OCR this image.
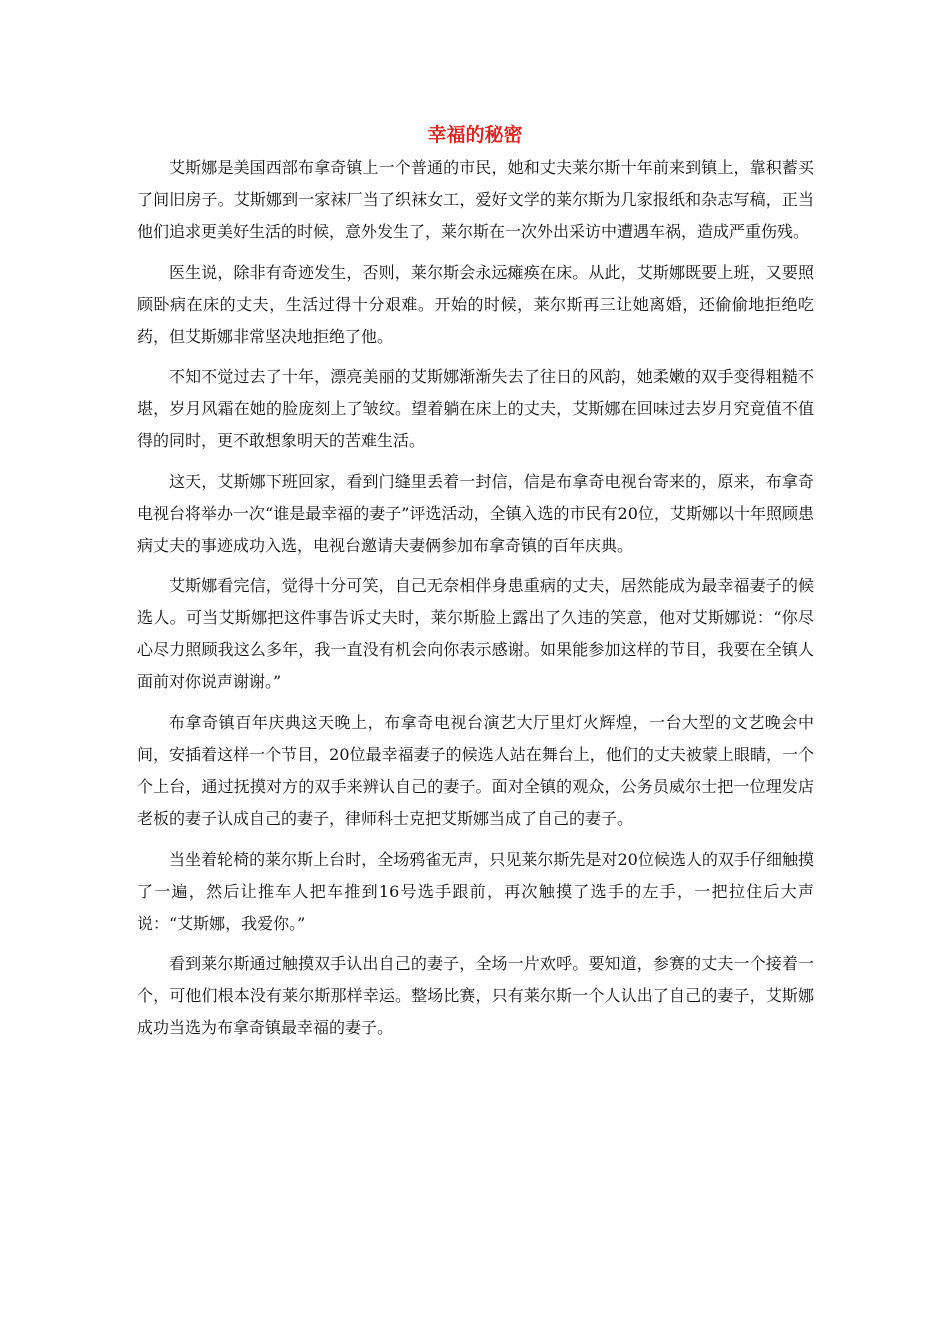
幸福的秘密

艾斯娜是美国西部布拿奇镇上一个普通的市民，她和丈夫莱尔斯十年前来到镇上，靠积蓄买了间旧房子。艾斯娜到一家袜厂当了织袜女工，爱好文学的莱尔斯为几家报纸和杂志写稿，正当他们追求更美好生活的时候，意外发生了，莱尔斯在一次外出采访中遭遇车祸，造成严重伤残。

医生说，除非有奇迹发生，否则，莱尔斯会永远瘫痪在床。从此，艾斯娜既要上班，又要照顾卧病在床的丈夫，生活过得十分艰难。开始的时候，莱尔斯再三让她离婚，还偷偷地拒绝吃药，但艾斯娜非常坚决地拒绝了他。

不知不觉过去了十年，漂亮美丽的艾斯娜渐渐失去了往日的风韵，她柔嫩的双手变得粗糙不堪，岁月风霜在她的脸庞刻上了皱纹。望着躺在床上的丈夫，艾斯娜在回味过去岁月究竟值不值得的同时，更不敢想象明天的苦难生活。

这天，艾斯娜下班回家，看到门缝里丢着一封信，信是布拿奇电视台寄来的，原来，布拿奇电视台将举办一次“谁是最幸福的妻子”评选活动，全镇入选的市民有20位，艾斯娜以十年照顾患病丈夫的事迹成功入选，电视台邀请夫妻俩参加布拿奇镇的百年庆典。

艾斯娜看完信，觉得十分可笑，自己无奈相伴身患重病的丈夫，居然能成为最幸福妻子的候选人。可当艾斯娜把这件事告诉丈夫时，莱尔斯脸上露出了久违的笑意，他对艾斯娜说：“你尽心尽力照顾我这么多年，我一直没有机会向你表示感谢。如果能参加这样的节目，我要在全镇人面前对你说声谢谢。”

布拿奇镇百年庆典这天晚上，布拿奇电视台演艺大厅里灯火辉煌，一台大型的文艺晚会中间，安插着这样一个节目，20位最幸福妻子的候选人站在舞台上，他们的丈夫被蒙上眼睛，一个个上台，通过抚摸对方的双手来辨认自己的妻子。面对全镇的观众，公务员威尔士把一位理发店老板的妻子认成自己的妻子，律师科士克把艾斯娜当成了自己的妻子。

当坐着轮椅的莱尔斯上台时，全场鸦雀无声，只见莱尔斯先是对20位候选人的双手仔细触摸了一遍，然后让推车人把车推到16号选手跟前，再次触摸了选手的左手，一把拉住后大声说：“艾斯娜，我爱你。”

看到莱尔斯通过触摸双手认出自己的妻子，全场一片欢呼。要知道，参赛的丈夫一个接着一个，可他们根本没有莱尔斯那样幸运。整场比赛，只有莱尔斯一个人认出了自己的妻子，艾斯娜成功当选为布拿奇镇最幸福的妻子。
